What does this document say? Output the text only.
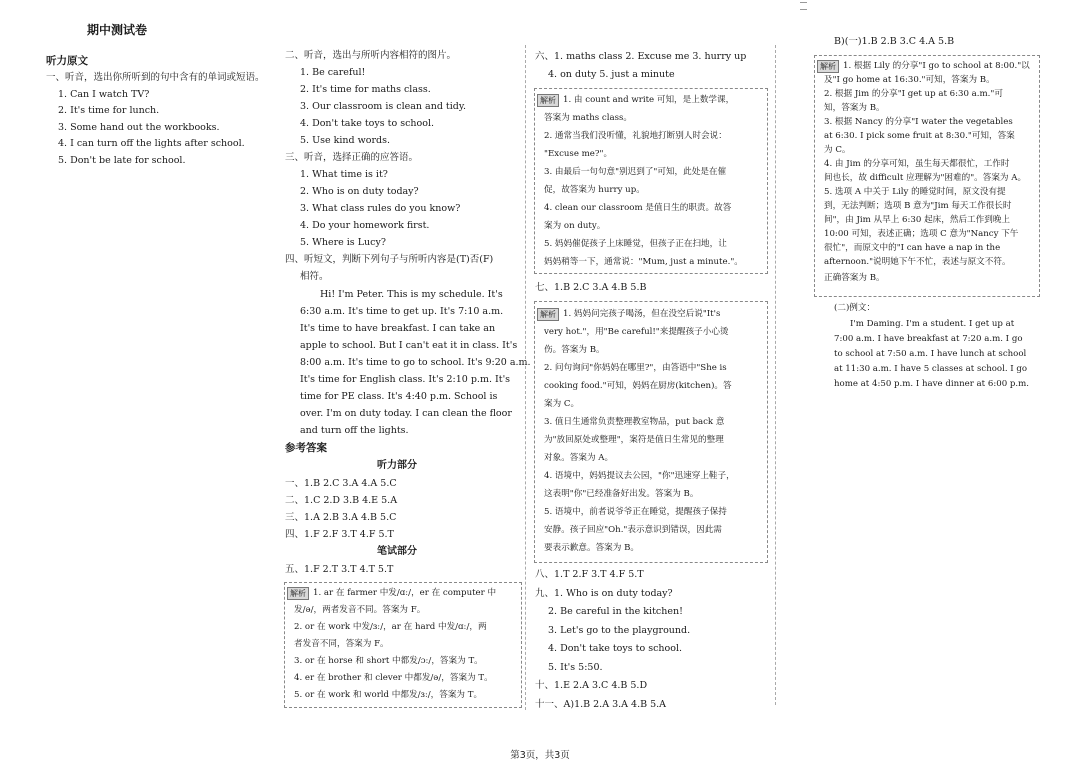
期中测试卷
听力原文
一、听音，选出你所听到的句中含有的单词或短语。
1. Can I watch TV?
2. It's time for lunch.
3. Some hand out the workbooks.
4. I can turn off the lights after school.
5. Don't be late for school.
二、听音，选出与所听内容相符的图片。
1. Be careful!
2. It's time for maths class.
3. Our classroom is clean and tidy.
4. Don't take toys to school.
5. Use kind words.
三、听音，选择正确的应答语。
1. What time is it?
2. Who is on duty today?
3. What class rules do you know?
4. Do your homework first.
5. Where is Lucy?
四、听短文，判断下列句子与所听内容是(T)否(F)
相符。
Hi! I'm Peter. This is my schedule. It's
6:30 a.m. It's time to get up. It's 7:10 a.m.
It's time to have breakfast. I can take an
apple to school. But I can't eat it in class. It's
8:00 a.m. It's time to go to school. It's 9:20 a.m.
It's time for English class. It's 2:10 p.m. It's
time for PE class. It's 4:40 p.m. School is
over. I'm on duty today. I can clean the floor
and turn off the lights.
参考答案
听力部分
一、1.B 2.C 3.A 4.A 5.C
二、1.C 2.D 3.B 4.E 5.A
三、1.A 2.B 3.A 4.B 5.C
四、1.F 2.F 3.T 4.F 5.T
笔试部分
五、1.F 2.T 3.T 4.T 5.T
解析 1. ar 在 farmer 中发/ɑː/，er 在 computer 中
发/ə/，两者发音不同。答案为 F。
2. or 在 work 中发/ɜː/，ar 在 hard 中发/ɑː/，两
者发音不同，答案为 F。
3. or 在 horse 和 short 中都发/ɔː/，答案为 T。
4. er 在 brother 和 clever 中都发/ə/，答案为 T。
5. or 在 work 和 world 中都发/ɜː/，答案为 T。
六、1. maths class 2. Excuse me 3. hurry up
4. on duty 5. just a minute
解析 1. 由 count and write 可知，是上数学课，
答案为 maths class。
2. 通常当我们没听懂，礼貌地打断别人时会说：
"Excuse me?"。
3. 由最后一句句意"别迟到了"可知，此处是在催
促，故答案为 hurry up。
4. clean our classroom 是值日生的职责。故答
案为 on duty。
5. 妈妈催促孩子上床睡觉，但孩子正在扫地，让
妈妈稍等一下，通常说："Mum, just a minute."。
七、1.B 2.C 3.A 4.B 5.B
解析 1. 妈妈问完孩子喝汤，但在没空后说"It's
very hot."，用"Be careful!"来提醒孩子小心烫
伤。答案为 B。
2. 问句询问"你妈妈在哪里?"，由答语中"She is
cooking food."可知，妈妈在厨房(kitchen)。答
案为 C。
3. 值日生通常负责整理教室物品，put back 意
为"放回原处或整理"，案符是值日生常见的整理
对象。答案为 A。
4. 语境中，妈妈提议去公园，"你"迅速穿上鞋子，
这表明"你"已经准备好出发。答案为 B。
5. 语境中，前者说爷爷正在睡觉，提醒孩子保持
安静。孩子回应"Oh."表示意识到错误，因此需
要表示歉意。答案为 B。
八、1.T 2.F 3.T 4.F 5.T
九、1. Who is on duty today?
2. Be careful in the kitchen!
3. Let's go to the playground.
4. Don't take toys to school.
5. It's 5:50.
十、1.E 2.A 3.C 4.B 5.D
十一、A)1.B 2.A 3.A 4.B 5.A
B)(一)1.B 2.B 3.C 4.A 5.B
解析 1. 根据 Lily 的分享"I go to school at 8:00."以
及"I go home at 16:30."可知，答案为 B。
2. 根据 Jim 的分享"I get up at 6:30 a.m."可
知，答案为 B。
3. 根据 Nancy 的分享"I water the vegetables
at 6:30. I pick some fruit at 8:30."可知，答案
为 C。
4. 由 Jim 的分享可知，虽生每天都很忙，工作时
间也长，故 difficult 应理解为"困难的"。答案为 A。
5. 选项 A 中关于 Lily 的睡觉时间，原文没有提
到，无法判断；选项 B 意为"Jim 每天工作很长时
间"，由 Jim 从早上 6:30 起床，然后工作到晚上
10:00 可知，表述正确；选项 C 意为"Nancy 下午
很忙"，而原文中的"I can have a nap in the
afternoon."说明她下午不忙，表述与原文不符。
正确答案为 B。
(二)例文：
I'm Daming. I'm a student. I get up at
7:00 a.m. I have breakfast at 7:20 a.m. I go
to school at 7:50 a.m. I have lunch at school
at 11:30 a.m. I have 5 classes at school. I go
home at 4:50 p.m. I have dinner at 6:00 p.m.
第3页，共3页
